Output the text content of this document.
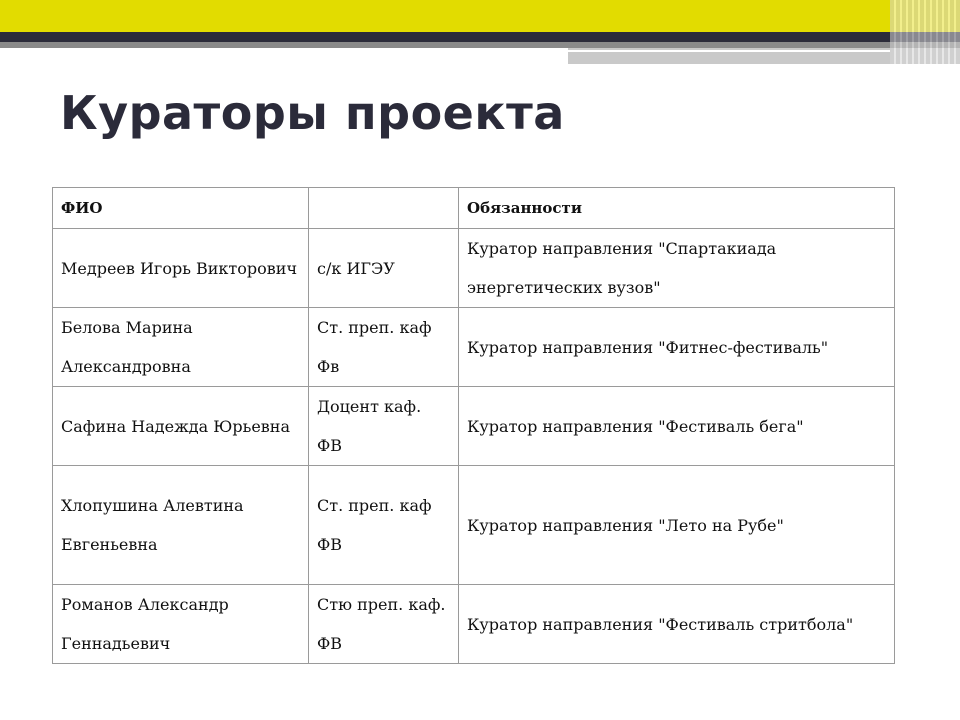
Кураторы проекта
ФИО		Обязанности

Медреев Игорь Викторович	с/к ИГЭУ	Куратор направления "Спартакиада энергетических вузов"

Белова Марина Александровна	Ст. преп. каф Фв	Куратор направления "Фитнес-фестиваль"

Сафина Надежда Юрьевна	Доцент каф. ФВ	Куратор направления "Фестиваль бега"

Хлопушина Алевтина Евгеньевна	Ст. преп. каф ФВ	Куратор направления "Лето на Рубе"

Романов Александр Геннадьевич	Стю преп. каф. ФВ	Куратор направления "Фестиваль стритбола"
